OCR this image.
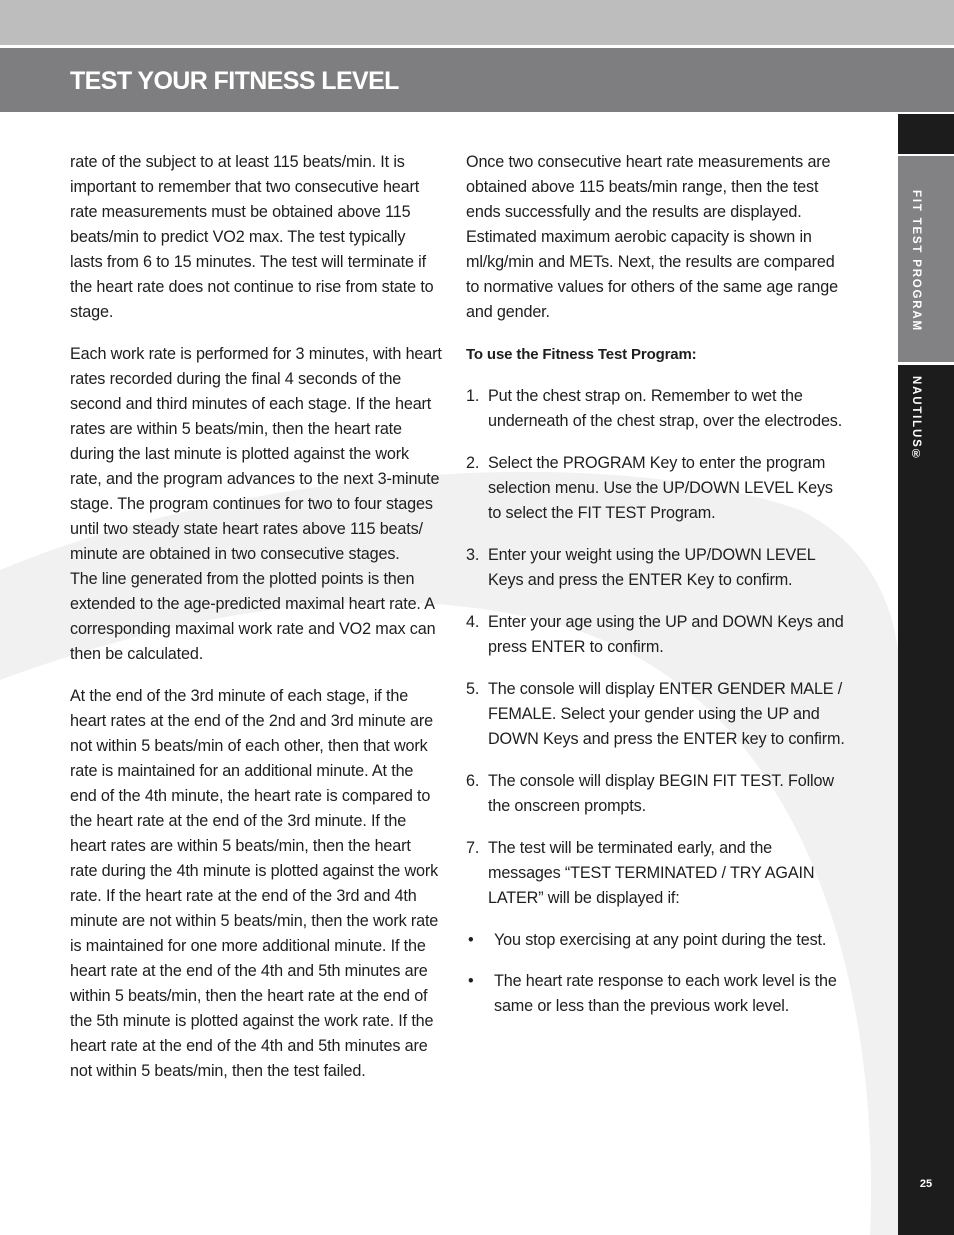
TEST YOUR FITNESS LEVEL
FIT TEST PROGRAM
NAUTILUS®
25

rate of the subject to at least 115 beats/min. It is important to remember that two consecutive heart rate measurements must be obtained above 115 beats/min to predict VO2 max. The test typically lasts from 6 to 15 minutes. The test will terminate if the heart rate does not continue to rise from state to stage.

Each work rate is performed for 3 minutes, with heart rates recorded during the final 4 seconds of the second and third minutes of each stage. If the heart rates are within 5 beats/min, then the heart rate during the last minute is plotted against the work rate, and the program advances to the next 3-minute stage. The program continues for two to four stages until two steady state heart rates above 115 beats/ minute are obtained in two consecutive stages.

The line generated from the plotted points is then extended to the age-predicted maximal heart rate. A corresponding maximal work rate and VO2 max can then be calculated.

At the end of the 3rd minute of each stage, if the heart rates at the end of the 2nd and 3rd minute are not within 5 beats/min of each other, then that work rate is maintained for an additional minute. At the end of the 4th minute, the heart rate is compared to the heart rate at the end of the 3rd minute. If the heart rates are within 5 beats/min, then the heart rate during the 4th minute is plotted against the work rate. If the heart rate at the end of the 3rd and 4th minute are not within 5 beats/min, then the work rate is maintained for one more additional minute. If the heart rate at the end of the 4th and 5th minutes are within 5 beats/min, then the heart rate at the end of the 5th minute is plotted against the work rate. If the heart rate at the end of the 4th and 5th minutes are not within 5 beats/min, then the test failed.

Once two consecutive heart rate measurements are obtained above 115 beats/min range, then the test ends successfully and the results are displayed. Estimated maximum aerobic capacity is shown in ml/kg/min and METs. Next, the results are compared to normative values for others of the same age range and gender.

To use the Fitness Test Program:

1. Put the chest strap on. Remember to wet the underneath of the chest strap, over the electrodes.
2. Select the PROGRAM Key to enter the program selection menu. Use the UP/DOWN LEVEL Keys to select the FIT TEST Program.
3. Enter your weight using the UP/DOWN LEVEL Keys and press the ENTER Key to confirm.
4. Enter your age using the UP and DOWN Keys and press ENTER to confirm.
5. The console will display ENTER GENDER MALE / FEMALE. Select your gender using the UP and DOWN Keys and press the ENTER key to confirm.
6. The console will display BEGIN FIT TEST. Follow the onscreen prompts.
7. The test will be terminated early, and the messages “TEST TERMINATED / TRY AGAIN LATER” will be displayed if:
• You stop exercising at any point during the test.
• The heart rate response to each work level is the same or less than the previous work level.
